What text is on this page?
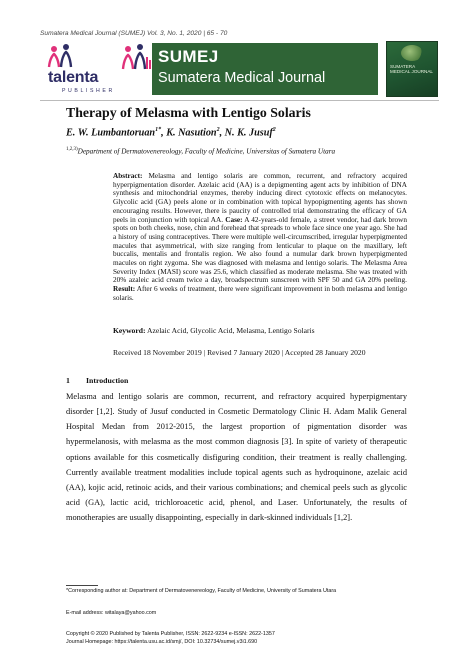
Sumatera Medical Journal (SUMEJ) Vol. 3, No. 1, 2020 | 65 - 70
talenta
PUBLISHER
SUMEJ
Sumatera Medical Journal
SUMATERA MEDICAL JOURNAL
Therapy of Melasma with Lentigo Solaris
E. W. Lumbantoruan$^{1*}$, K. Nasution$^2$, N. K. Jusuf$^2$
$^{1,2,3)}$Department of Dermatovenereology, Faculty of Medicine, Universitas of Sumatera Utara
Abstract: Melasma and lentigo solaris are common, recurrent, and refractory acquired hyperpigmentation disorder. Azelaic acid (AA) is a depigmenting agent acts by inhibition of DNA synthesis and mitochondrial enzymes, thereby inducing direct cytotoxic effects on melanocytes. Glycolic acid (GA) peels alone or in combination with topical hypopigmenting agents has shown encouraging results. However, there is paucity of controlled trial demonstrating the efficacy of GA peels in conjunction with topical AA. Case: A 42-years-old female, a street vendor, had dark brown spots on both cheeks, nose, chin and forehead that spreads to whole face since one year ago. She had a history of using contraceptives. There were multiple well-circumscribed, irregular hyperpigmented macules that asymmetrical, with size ranging from lenticular to plaque on the maxillary, left buccalis, mentalis and frontalis region. We also found a numular dark brown hyperpigmented macules on right zygoma. She was diagnosed with melasma and lentigo solaris. The Melasma Area Severity Index (MASI) score was 25.6, which classified as moderate melasma. She was treated with 20% azaleic acid cream twice a day, broadspectrum sunscreen with SPF 50 and GA 20% peeling. Result: After 6 weeks of treatment, there were significant improvement in both melasma and lentigo solaris.
Keyword: Azelaic Acid, Glycolic Acid, Melasma, Lentigo Solaris
Received 18 November 2019 | Revised 7 January 2020 | Accepted 28 January 2020
1 Introduction
Melasma and lentigo solaris are common, recurrent, and refractory acquired hyperpigmentary disorder [1,2]. Study of Jusuf conducted in Cosmetic Dermatology Clinic H. Adam Malik General Hospital Medan from 2012-2015, the largest proportion of pigmentation disorder was hypermelanosis, with melasma as the most common diagnosis [3]. In spite of variety of therapeutic options available for this cosmetically disfiguring condition, their treatment is really challenging. Currently available treatment modalities include topical agents such as hydroquinone, azelaic acid (AA), kojic acid, retinoic acids, and their various combinations; and chemical peels such as glycolic acid (GA), lactic acid, trichloroacetic acid, phenol, and Laser. Unfortunately, the results of monotherapies are usually disappointing, especially in dark-skinned individuals [1,2].
*Corresponding author at: Department of Dermatovenereology, Faculty of Medicine, University of Sumatera Utara
E-mail address: witalaya@yahoo.com
Copyright © 2020 Published by Talenta Publisher, ISSN: 2622-9234 e-ISSN: 2622-1357
Journal Homepage: https://talenta.usu.ac.id/smj/, DOI: 10.32734/sumej.v3i1.690
